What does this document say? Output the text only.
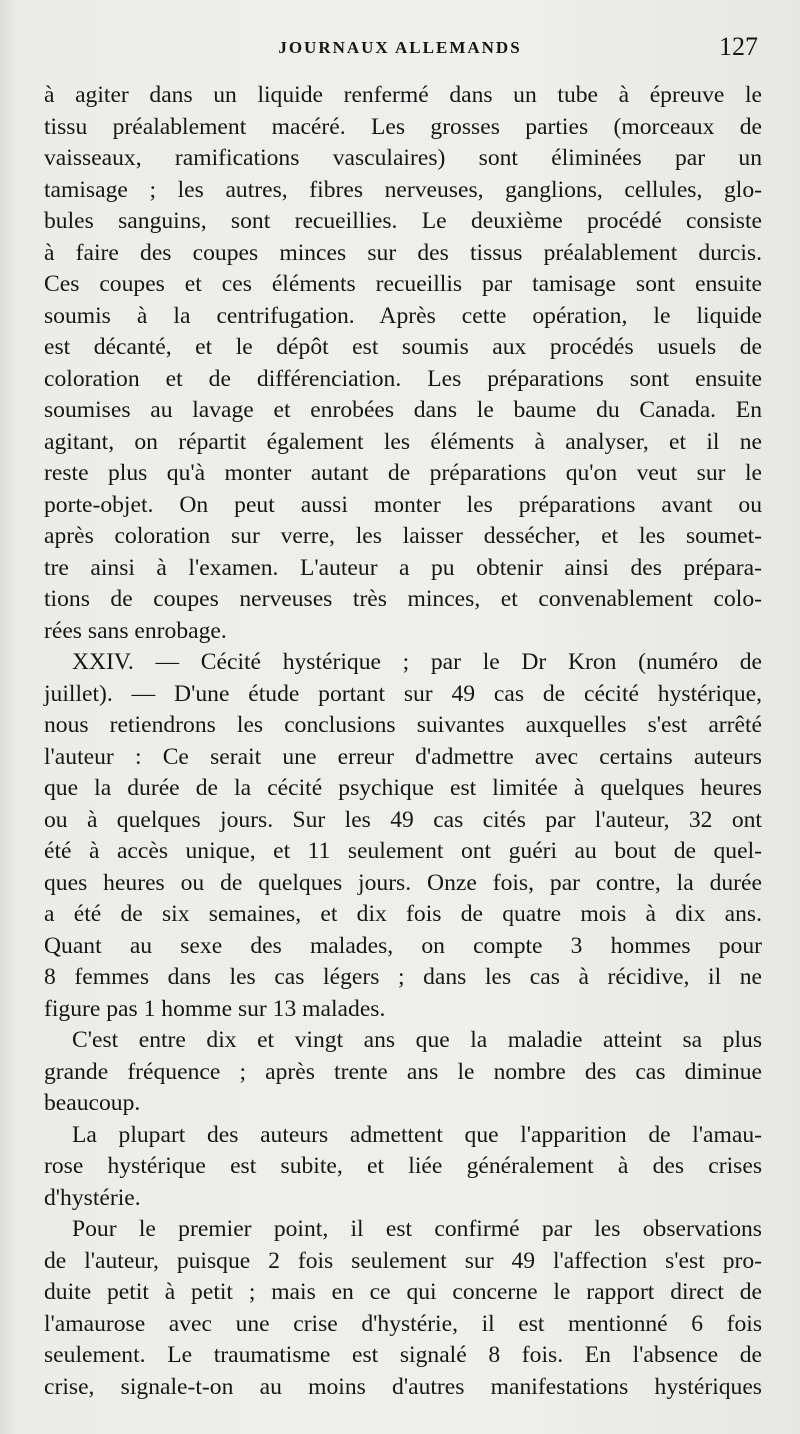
JOURNAUX ALLEMANDS	127
à agiter dans un liquide renfermé dans un tube à épreuve le
tissu préalablement macéré. Les grosses parties (morceaux de
vaisseaux, ramifications vasculaires) sont éliminées par un
tamisage ; les autres, fibres nerveuses, ganglions, cellules, glo-
bules sanguins, sont recueillies. Le deuxième procédé consiste
à faire des coupes minces sur des tissus préalablement durcis.
Ces coupes et ces éléments recueillis par tamisage sont ensuite
soumis à la centrifugation. Après cette opération, le liquide
est décanté, et le dépôt est soumis aux procédés usuels de
coloration et de différenciation. Les préparations sont ensuite
soumises au lavage et enrobées dans le baume du Canada. En
agitant, on répartit également les éléments à analyser, et il ne
reste plus qu'à monter autant de préparations qu'on veut sur le
porte-objet. On peut aussi monter les préparations avant ou
après coloration sur verre, les laisser dessécher, et les soumet-
tre ainsi à l'examen. L'auteur a pu obtenir ainsi des prépara-
tions de coupes nerveuses très minces, et convenablement colo-
rées sans enrobage.
XXIV. — Cécité hystérique ; par le Dr Kron (numéro de
juillet). — D'une étude portant sur 49 cas de cécité hystérique,
nous retiendrons les conclusions suivantes auxquelles s'est arrêté
l'auteur : Ce serait une erreur d'admettre avec certains auteurs
que la durée de la cécité psychique est limitée à quelques heures
ou à quelques jours. Sur les 49 cas cités par l'auteur, 32 ont
été à accès unique, et 11 seulement ont guéri au bout de quel-
ques heures ou de quelques jours. Onze fois, par contre, la durée
a été de six semaines, et dix fois de quatre mois à dix ans.
Quant au sexe des malades, on compte 3 hommes pour
8 femmes dans les cas légers ; dans les cas à récidive, il ne
figure pas 1 homme sur 13 malades.
C'est entre dix et vingt ans que la maladie atteint sa plus
grande fréquence ; après trente ans le nombre des cas diminue
beaucoup.
La plupart des auteurs admettent que l'apparition de l'amau-
rose hystérique est subite, et liée généralement à des crises
d'hystérie.
Pour le premier point, il est confirmé par les observations
de l'auteur, puisque 2 fois seulement sur 49 l'affection s'est pro-
duite petit à petit ; mais en ce qui concerne le rapport direct de
l'amaurose avec une crise d'hystérie, il est mentionné 6 fois
seulement. Le traumatisme est signalé 8 fois. En l'absence de
crise, signale-t-on au moins d'autres manifestations hystériques
